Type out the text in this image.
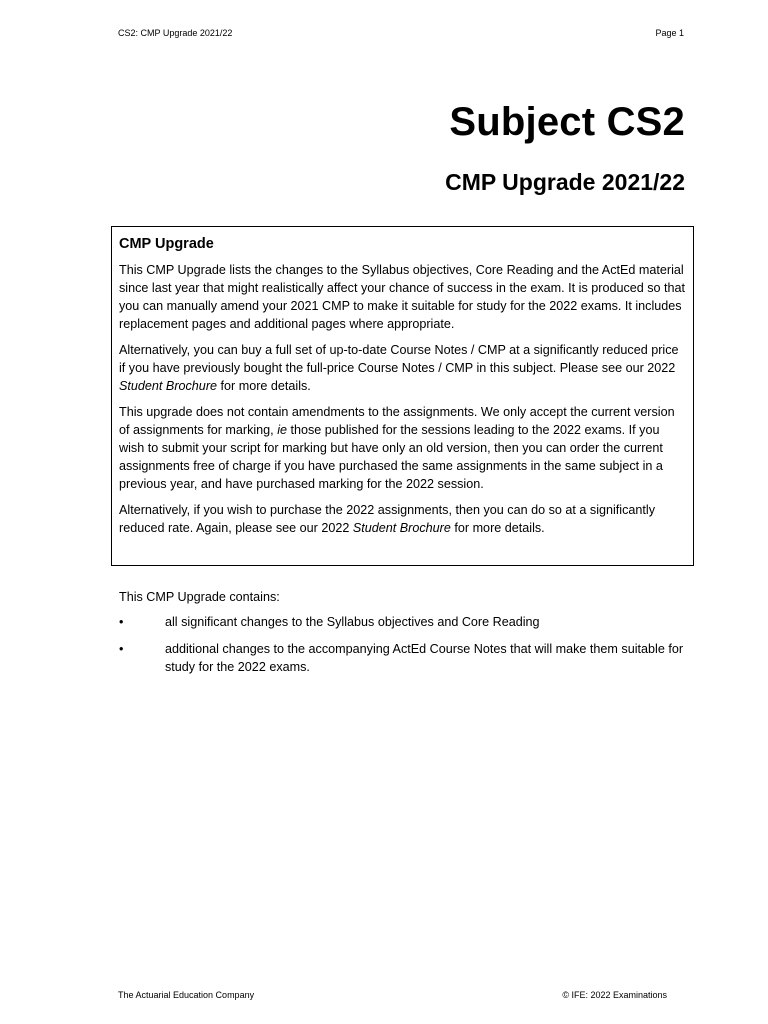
CS2: CMP Upgrade 2021/22	Page 1
Subject CS2
CMP Upgrade 2021/22
CMP Upgrade

This CMP Upgrade lists the changes to the Syllabus objectives, Core Reading and the ActEd material since last year that might realistically affect your chance of success in the exam. It is produced so that you can manually amend your 2021 CMP to make it suitable for study for the 2022 exams. It includes replacement pages and additional pages where appropriate.

Alternatively, you can buy a full set of up-to-date Course Notes / CMP at a significantly reduced price if you have previously bought the full-price Course Notes / CMP in this subject. Please see our 2022 Student Brochure for more details.

This upgrade does not contain amendments to the assignments. We only accept the current version of assignments for marking, ie those published for the sessions leading to the 2022 exams. If you wish to submit your script for marking but have only an old version, then you can order the current assignments free of charge if you have purchased the same assignments in the same subject in a previous year, and have purchased marking for the 2022 session.

Alternatively, if you wish to purchase the 2022 assignments, then you can do so at a significantly reduced rate. Again, please see our 2022 Student Brochure for more details.

This CMP Upgrade contains:
•	all significant changes to the Syllabus objectives and Core Reading
•	additional changes to the accompanying ActEd Course Notes that will make them suitable for study for the 2022 exams.
The Actuarial Education Company	© IFE: 2022 Examinations
